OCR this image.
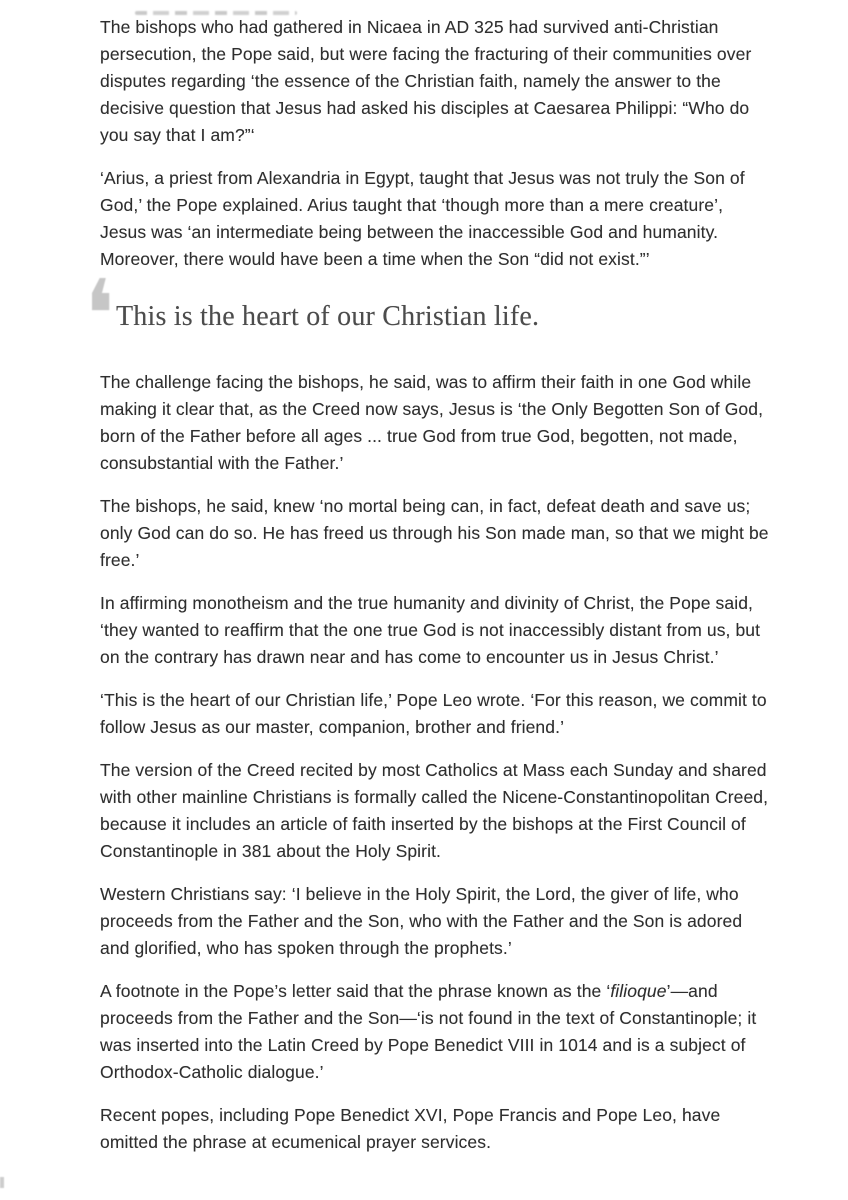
The bishops who had gathered in Nicaea in AD 325 had survived anti-Christian persecution, the Pope said, but were facing the fracturing of their communities over disputes regarding ‘the essence of the Christian faith, namely the answer to the decisive question that Jesus had asked his disciples at Caesarea Philippi: “Who do you say that I am?”‘

‘Arius, a priest from Alexandria in Egypt, taught that Jesus was not truly the Son of God,’ the Pope explained. Arius taught that ‘though more than a mere creature’, Jesus was ‘an intermediate being between the inaccessible God and humanity. Moreover, there would have been a time when the Son “did not exist.”’

❛ This is the heart of our Christian life.

The challenge facing the bishops, he said, was to affirm their faith in one God while making it clear that, as the Creed now says, Jesus is ‘the Only Begotten Son of God, born of the Father before all ages ... true God from true God, begotten, not made, consubstantial with the Father.’

The bishops, he said, knew ‘no mortal being can, in fact, defeat death and save us; only God can do so. He has freed us through his Son made man, so that we might be free.’

In affirming monotheism and the true humanity and divinity of Christ, the Pope said, ‘they wanted to reaffirm that the one true God is not inaccessibly distant from us, but on the contrary has drawn near and has come to encounter us in Jesus Christ.’

‘This is the heart of our Christian life,’ Pope Leo wrote. ‘For this reason, we commit to follow Jesus as our master, companion, brother and friend.’

The version of the Creed recited by most Catholics at Mass each Sunday and shared with other mainline Christians is formally called the Nicene-Constantinopolitan Creed, because it includes an article of faith inserted by the bishops at the First Council of Constantinople in 381 about the Holy Spirit.

Western Christians say: ‘I believe in the Holy Spirit, the Lord, the giver of life, who proceeds from the Father and the Son, who with the Father and the Son is adored and glorified, who has spoken through the prophets.’

A footnote in the Pope’s letter said that the phrase known as the ‘filioque’—and proceeds from the Father and the Son—‘is not found in the text of Constantinople; it was inserted into the Latin Creed by Pope Benedict VIII in 1014 and is a subject of Orthodox-Catholic dialogue.’

Recent popes, including Pope Benedict XVI, Pope Francis and Pope Leo, have omitted the phrase at ecumenical prayer services.
